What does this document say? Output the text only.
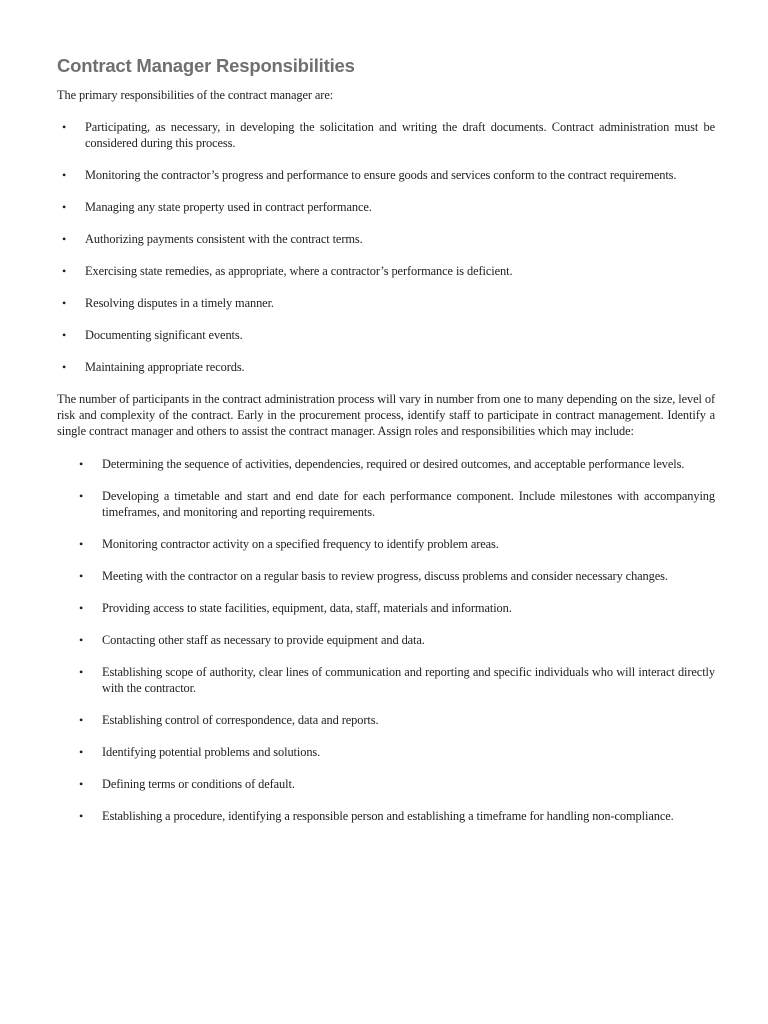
Contract Manager Responsibilities

The primary responsibilities of the contract manager are:

• Participating, as necessary, in developing the solicitation and writing the draft documents. Contract administration must be considered during this process.
• Monitoring the contractor’s progress and performance to ensure goods and services conform to the contract requirements.
• Managing any state property used in contract performance.
• Authorizing payments consistent with the contract terms.
• Exercising state remedies, as appropriate, where a contractor’s performance is deficient.
• Resolving disputes in a timely manner.
• Documenting significant events.
• Maintaining appropriate records.

The number of participants in the contract administration process will vary in number from one to many depending on the size, level of risk and complexity of the contract. Early in the procurement process, identify staff to participate in contract management. Identify a single contract manager and others to assist the contract manager. Assign roles and responsibilities which may include:

• Determining the sequence of activities, dependencies, required or desired outcomes, and acceptable performance levels.
• Developing a timetable and start and end date for each performance component. Include milestones with accompanying timeframes, and monitoring and reporting requirements.
• Monitoring contractor activity on a specified frequency to identify problem areas.
• Meeting with the contractor on a regular basis to review progress, discuss problems and consider necessary changes.
• Providing access to state facilities, equipment, data, staff, materials and information.
• Contacting other staff as necessary to provide equipment and data.
• Establishing scope of authority, clear lines of communication and reporting and specific individuals who will interact directly with the contractor.
• Establishing control of correspondence, data and reports.
• Identifying potential problems and solutions.
• Defining terms or conditions of default.
• Establishing a procedure, identifying a responsible person and establishing a timeframe for handling non-compliance.
